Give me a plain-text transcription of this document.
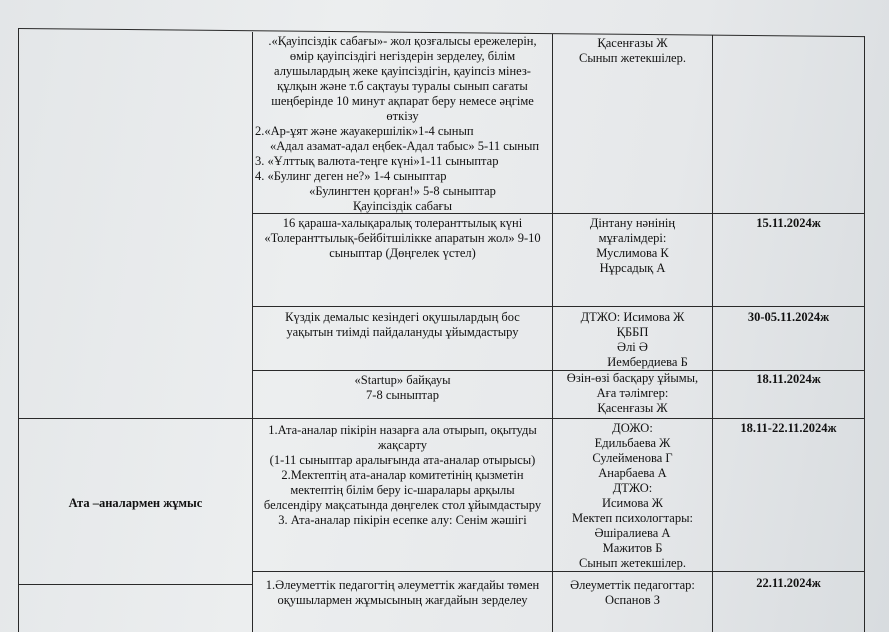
.«Қауіпсіздік сабағы»- жол қозғалысы ережелерін,
өмір қауіпсіздігі негіздерін зерделеу, білім
алушылардың жеке қауіпсіздігін, қауіпсіз мінез-
құлқын және т.б сақтауы туралы сынып сағаты
шеңберінде 10 минут ақпарат беру немесе әңгіме
өткізу
2.«Ар-ұят және жауакершілік»1-4 сынып
«Адал азамат-адал еңбек-Адал табыс» 5-11 сынып
3. «Ұлттық валюта-теңге күні»1-11 сыныптар
4. «Булинг деген не?» 1-4 сыныптар
«Булингтен қорған!» 5-8 сыныптар
Қауіпсіздік сабағы
Қасенғазы Ж
Сынып жетекшілер.
16 қараша-халықаралық толеранттылық күні
«Толеранттылық-бейбітшілікке апаратын жол» 9-10
сыныптар (Дөңгелек үстел)
Дінтану нәнінің
мұғалімдері:
Муслимова К
Нұрсадық А
15.11.2024ж
Күздік демалыс кезіндегі оқушылардың бос
уақытын тиімді пайдалануды ұйымдастыру
ДТЖО: Исимова Ж
ҚББП
Әлі Ә
Иембердиева Б
30-05.11.2024ж
«Startup» байқауы
7-8 сыныптар
Өзін-өзі басқару ұйымы,
Аға тәлімгер:
Қасенғазы Ж
18.11.2024ж
Ата –аналармен жұмыс
1.Ата-аналар пікірін назарға ала отырып, оқытуды
жақсарту
(1-11 сыныптар аралығында ата-аналар отырысы)
2.Мектептің ата-аналар комитетінің қызметін
мектептің білім беру іс-шаралары арқылы
белсендіру мақсатында дөңгелек стол ұйымдастыру
3. Ата-аналар пікірін есепке алу: Сенім жәшігі
ДОЖО:
Едильбаева Ж
Сулейменова Г
Анарбаева А
ДТЖО:
Исимова Ж
Мектеп психологтары:
Әшіралиева А
Мажитов Б
Сынып жетекшілер.
18.11-22.11.2024ж
1.Әлеуметтік педагогтің әлеуметтік жағдайы төмен
оқушылармен жұмысының жағдайын зерделеу
Әлеуметтік педагогтар:
Оспанов З
22.11.2024ж
